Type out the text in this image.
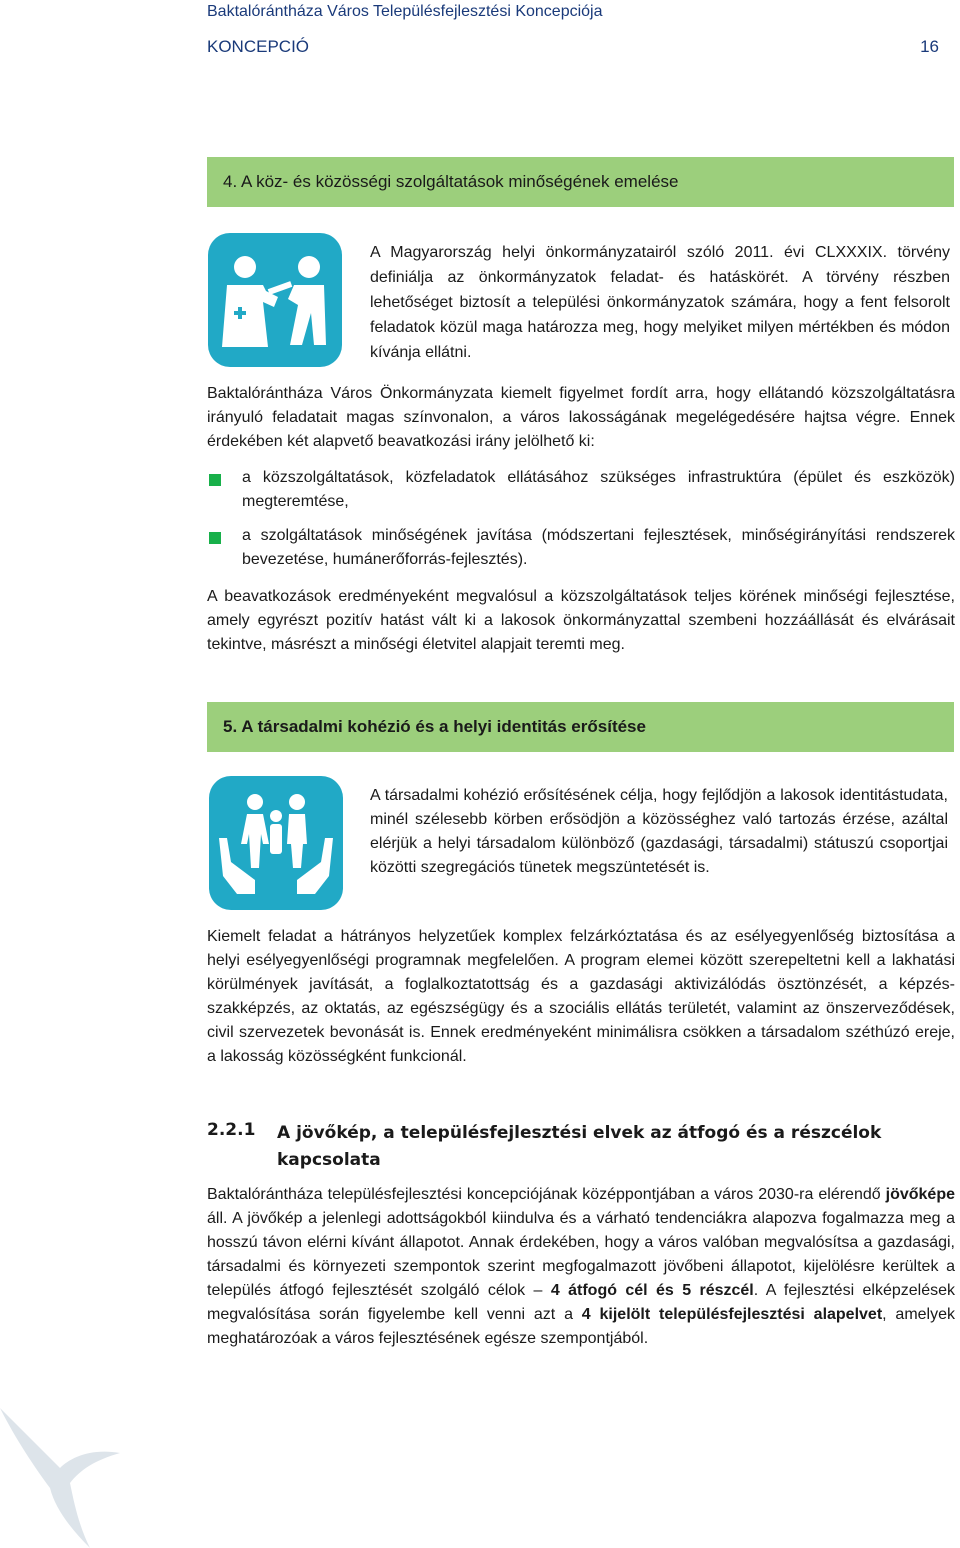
Baktalórántháza Város Településfejlesztési Koncepciója
KONCEPCIÓ	16
4. A köz- és közösségi szolgáltatások minőségének emelése

A Magyarország helyi önkormányzatairól szóló 2011. évi CLXXXIX. törvény definiálja az önkormányzatok feladat- és hatáskörét. A törvény részben lehetőséget biztosít a települési önkormányzatok számára, hogy a fent felsorolt feladatok közül maga határozza meg, hogy melyiket milyen mértékben és módon kívánja ellátni.

Baktalórántháza Város Önkormányzata kiemelt figyelmet fordít arra, hogy ellátandó közszolgáltatásra irányuló feladatait magas színvonalon, a város lakosságának megelégedésére hajtsa végre. Ennek érdekében két alapvető beavatkozási irány jelölhető ki:

a közszolgáltatások, közfeladatok ellátásához szükséges infrastruktúra (épület és eszközök) megteremtése,
a szolgáltatások minőségének javítása (módszertani fejlesztések, minőségirányítási rendszerek bevezetése, humánerőforrás-fejlesztés).

A beavatkozások eredményeként megvalósul a közszolgáltatások teljes körének minőségi fejlesztése, amely egyrészt pozitív hatást vált ki a lakosok önkormányzattal szembeni hozzáállását és elvárásait tekintve, másrészt a minőségi életvitel alapjait teremti meg.

5. A társadalmi kohézió és a helyi identitás erősítése

A társadalmi kohézió erősítésének célja, hogy fejlődjön a lakosok identitástudata, minél szélesebb körben erősödjön a közösséghez való tartozás érzése, azáltal elérjük a helyi társadalom különböző (gazdasági, társadalmi) státuszú csoportjai közötti szegregációs tünetek megszüntetését is.

Kiemelt feladat a hátrányos helyzetűek komplex felzárkóztatása és az esélyegyenlőség biztosítása a helyi esélyegyenlőségi programnak megfelelően. A program elemei között szerepeltetni kell a lakhatási körülmények javítását, a foglalkoztatottság és a gazdasági aktivizálódás ösztönzését, a képzés-szakképzés, az oktatás, az egészségügy és a szociális ellátás területét, valamint az önszerveződések, civil szervezetek bevonását is. Ennek eredményeként minimálisra csökken a társadalom széthúzó ereje, a lakosság közösségként funkcionál.

2.2.1 A jövőkép, a településfejlesztési elvek az átfogó és a részcélok kapcsolata

Baktalórántháza településfejlesztési koncepciójának középpontjában a város 2030-ra elérendő jövőképe áll. A jövőkép a jelenlegi adottságokból kiindulva és a várható tendenciákra alapozva fogalmazza meg a hosszú távon elérni kívánt állapotot. Annak érdekében, hogy a város valóban megvalósítsa a gazdasági, társadalmi és környezeti szempontok szerint megfogalmazott jövőbeni állapotot, kijelölésre kerültek a település átfogó fejlesztését szolgáló célok – 4 átfogó cél és 5 részcél. A fejlesztési elképzelések megvalósítása során figyelembe kell venni azt a 4 kijelölt településfejlesztési alapelvet, amelyek meghatározóak a város fejlesztésének egésze szempontjából.
